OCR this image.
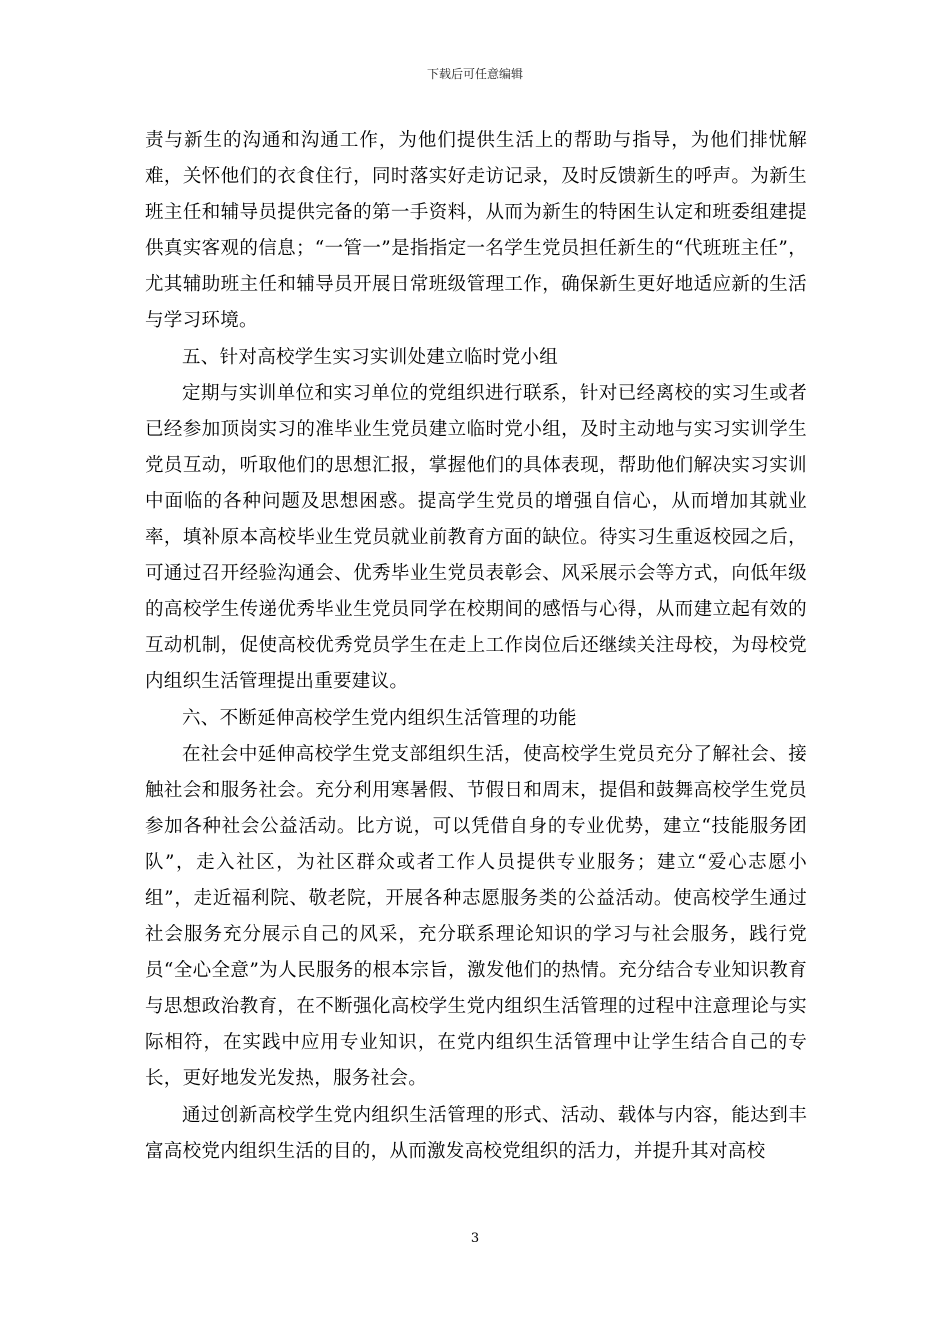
下载后可任意编辑

责与新生的沟通和沟通工作，为他们提供生活上的帮助与指导，为他们排忧解难，关怀他们的衣食住行，同时落实好走访记录，及时反馈新生的呼声。为新生班主任和辅导员提供完备的第一手资料，从而为新生的特困生认定和班委组建提供真实客观的信息；“一管一”是指指定一名学生党员担任新生的“代班班主任”，尤其辅助班主任和辅导员开展日常班级管理工作，确保新生更好地适应新的生活与学习环境。

五、针对高校学生实习实训处建立临时党小组

定期与实训单位和实习单位的党组织进行联系，针对已经离校的实习生或者已经参加顶岗实习的准毕业生党员建立临时党小组，及时主动地与实习实训学生党员互动，听取他们的思想汇报，掌握他们的具体表现，帮助他们解决实习实训中面临的各种问题及思想困惑。提高学生党员的增强自信心，从而增加其就业率，填补原本高校毕业生党员就业前教育方面的缺位。待实习生重返校园之后，可通过召开经验沟通会、优秀毕业生党员表彰会、风采展示会等方式，向低年级的高校学生传递优秀毕业生党员同学在校期间的感悟与心得，从而建立起有效的互动机制，促使高校优秀党员学生在走上工作岗位后还继续关注母校，为母校党内组织生活管理提出重要建议。

六、不断延伸高校学生党内组织生活管理的功能

在社会中延伸高校学生党支部组织生活，使高校学生党员充分了解社会、接触社会和服务社会。充分利用寒暑假、节假日和周末，提倡和鼓舞高校学生党员参加各种社会公益活动。比方说，可以凭借自身的专业优势，建立“技能服务团队”，走入社区，为社区群众或者工作人员提供专业服务；建立“爱心志愿小组”，走近福利院、敬老院，开展各种志愿服务类的公益活动。使高校学生通过社会服务充分展示自己的风采，充分联系理论知识的学习与社会服务，践行党员“全心全意”为人民服务的根本宗旨，激发他们的热情。充分结合专业知识教育与思想政治教育，在不断强化高校学生党内组织生活管理的过程中注意理论与实际相符，在实践中应用专业知识，在党内组织生活管理中让学生结合自己的专长，更好地发光发热，服务社会。

通过创新高校学生党内组织生活管理的形式、活动、载体与内容，能达到丰富高校党内组织生活的目的，从而激发高校党组织的活力，并提升其对高校

3
